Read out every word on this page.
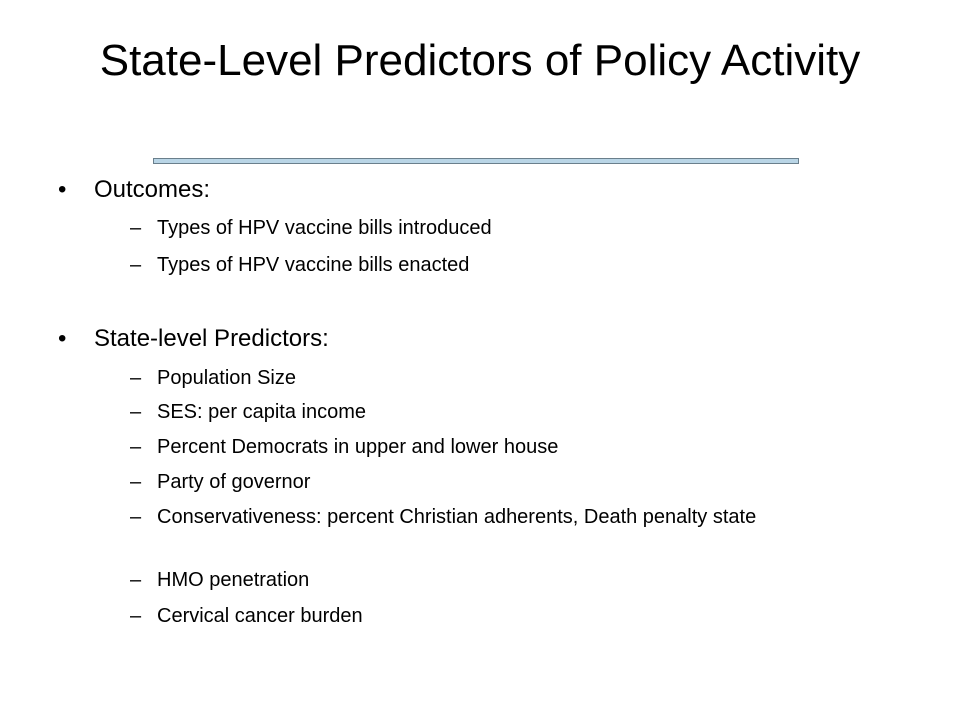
State-Level Predictors of Policy Activity
• Outcomes:
– Types of HPV vaccine bills introduced
– Types of HPV vaccine bills enacted
• State-level Predictors:
– Population Size
– SES: per capita income
– Percent Democrats in upper and lower house
– Party of governor
– Conservativeness: percent Christian adherents, Death penalty state
– HMO penetration
– Cervical cancer burden
